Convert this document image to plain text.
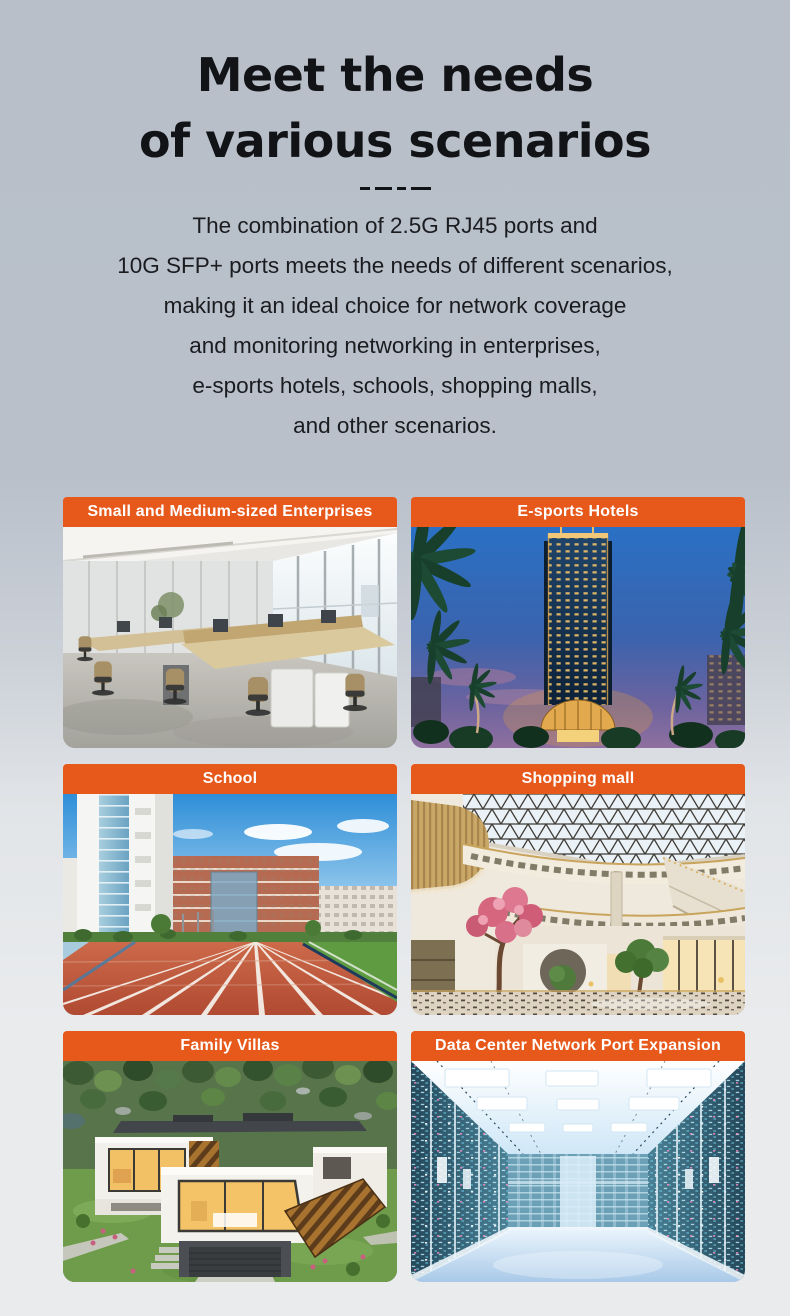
Meet the needs
of various scenarios

The combination of 2.5G RJ45 ports and
10G SFP+ ports meets the needs of different scenarios,
making it an ideal choice for network coverage
and monitoring networking in enterprises,
e-sports hotels, schools, shopping malls,
and other scenarios.

Small and Medium-sized Enterprises	E-sports Hotels
School	Shopping mall
Family Villas	Data Center Network Port Expansion
